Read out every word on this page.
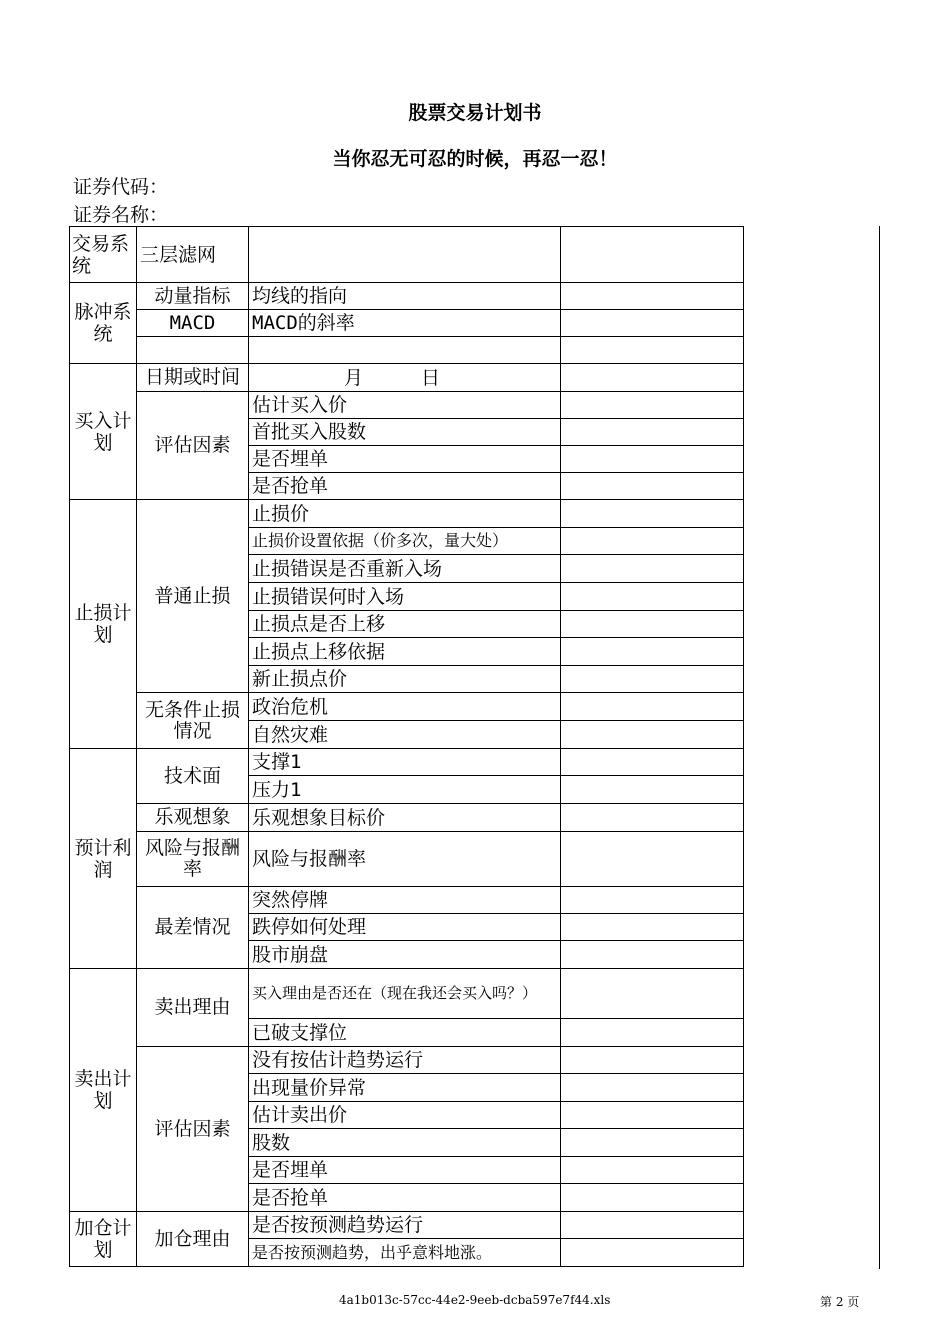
股票交易计划书
当你忍无可忍的时候，再忍一忍！
证券代码：
证券名称：
交易系统	三层滤网		
脉冲系统	动量指标	均线的指向	
	MACD	MACD的斜率	

买入计划	日期或时间	月 日	
	评估因素	估计买入价	
		首批买入股数	
		是否埋单	
		是否抢单	
止损计划	普通止损	止损价	
		止损价设置依据（价多次，量大处）	
		止损错误是否重新入场	
		止损错误何时入场	
		止损点是否上移	
		止损点上移依据	
		新止损点价	
	无条件止损情况	政治危机	
		自然灾难	
预计利润	技术面	支撑1	
		压力1	
	乐观想象	乐观想象目标价	
	风险与报酬率	风险与报酬率	
	最差情况	突然停牌	
		跌停如何处理	
		股市崩盘	
卖出计划	卖出理由	买入理由是否还在（现在我还会买入吗？）	
		已破支撑位	
	评估因素	没有按估计趋势运行	
		出现量价异常	
		估计卖出价	
		股数	
		是否埋单	
		是否抢单	
加仓计划	加仓理由	是否按预测趋势运行	
		是否按预测趋势，出乎意料地涨。	
4a1b013c-57cc-44e2-9eeb-dcba597e7f44.xls	第 2 页
